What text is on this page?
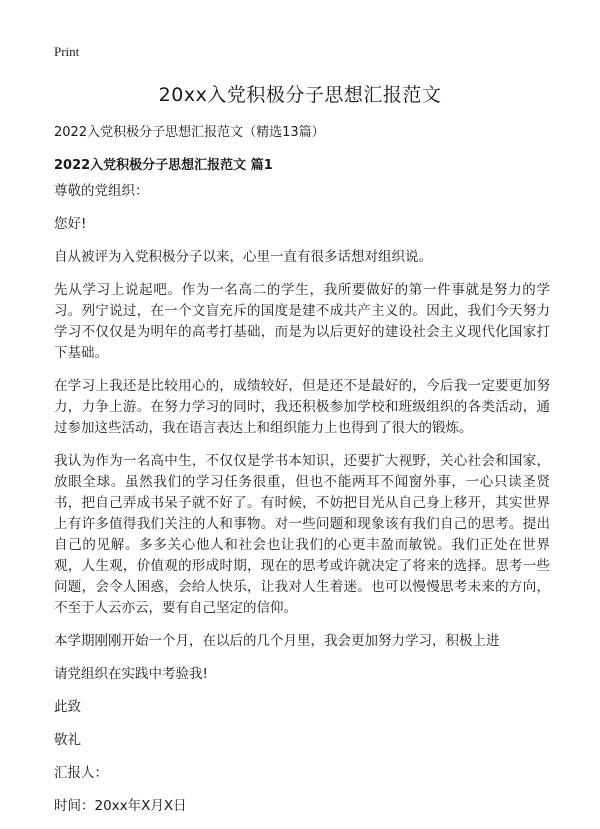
Print
20xx入党积极分子思想汇报范文

2022入党积极分子思想汇报范文（精选13篇）

2022入党积极分子思想汇报范文 篇1

尊敬的党组织：

您好!

自从被评为入党积极分子以来，心里一直有很多话想对组织说。

先从学习上说起吧。作为一名高二的学生，我所要做好的第一件事就是努力的学习。列宁说过，在一个文盲充斥的国度是建不成共产主义的。因此，我们今天努力学习不仅仅是为明年的高考打基础，而是为以后更好的建设社会主义现代化国家打下基础。

在学习上我还是比较用心的，成绩较好，但是还不是最好的，今后我一定要更加努力，力争上游。在努力学习的同时，我还积极参加学校和班级组织的各类活动，通过参加这些活动，我在语言表达上和组织能力上也得到了很大的锻炼。

我认为作为一名高中生，不仅仅是学书本知识，还要扩大视野，关心社会和国家，放眼全球。虽然我们的学习任务很重，但也不能两耳不闻窗外事，一心只读圣贤书，把自己弄成书呆子就不好了。有时候，不妨把目光从自己身上移开，其实世界上有许多值得我们关注的人和事物。对一些问题和现象该有我们自己的思考。提出自己的见解。多多关心他人和社会也让我们的心更丰盈而敏锐。我们正处在世界观，人生观，价值观的形成时期，现在的思考或许就决定了将来的选择。思考一些问题，会令人困惑，会给人快乐，让我对人生着迷。也可以慢慢思考未来的方向，不至于人云亦云，要有自己坚定的信仰。

本学期刚刚开始一个月，在以后的几个月里，我会更加努力学习，积极上进

请党组织在实践中考验我!

此致

敬礼

汇报人：

时间：20xx年X月X日
